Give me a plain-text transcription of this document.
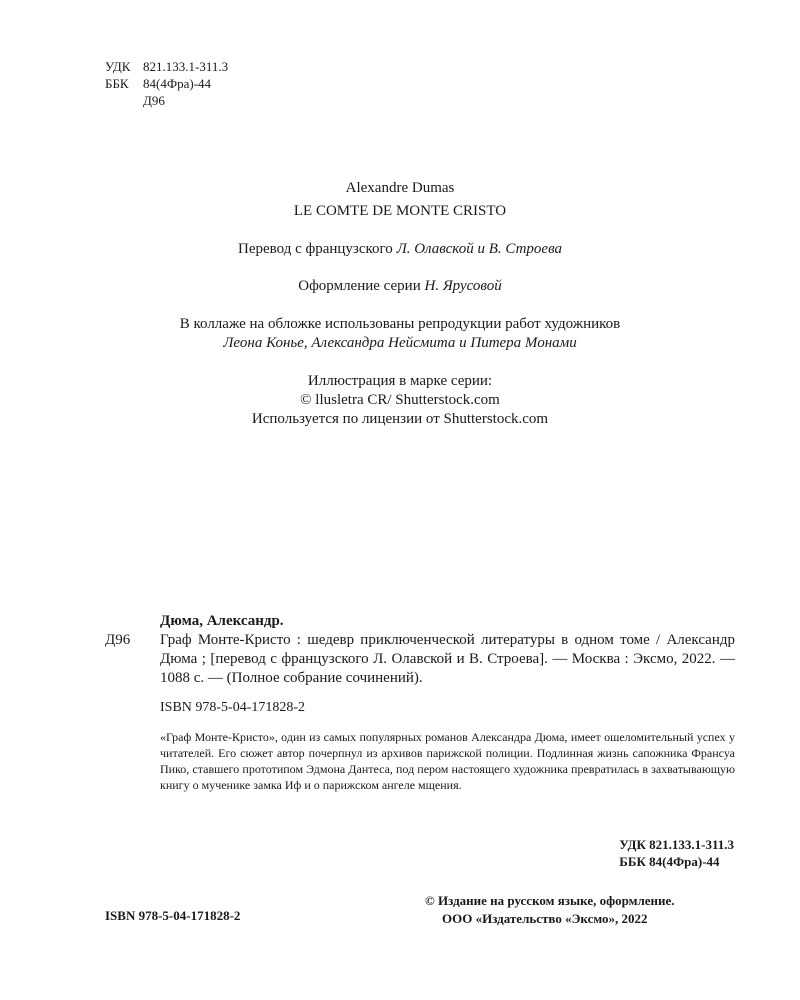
УДК 821.133.1-311.3
ББК 84(4Фра)-44
Д96
Alexandre Dumas
LE COMTE DE MONTE CRISTO
Перевод с французского Л. Олавской и В. Строева
Оформление серии Н. Ярусовой
В коллаже на обложке использованы репродукции работ художников
Леона Конье, Александра Нейсмита и Питера Монами
Иллюстрация в марке серии:
© llusletra CR/ Shutterstock.com
Используется по лицензии от Shutterstock.com
Дюма, Александр.
Д96 Граф Монте-Кристо : шедевр приключенческой литературы в одном томе / Александр Дюма ; [перевод с французского Л. Олавской и В. Строева]. — Москва : Эксмо, 2022. — 1088 с. — (Полное собрание сочинений).
ISBN 978-5-04-171828-2
«Граф Монте-Кристо», один из самых популярных романов Александра Дюма, имеет ошеломительный успех у читателей. Его сюжет автор почерпнул из архивов парижской полиции. Подлинная жизнь сапожника Франсуа Пико, ставшего прототипом Эдмона Дантеса, под пером настоящего художника превратилась в захватывающую книгу о мученике замка Иф и о парижском ангеле мщения.
УДК 821.133.1-311.3
ББК 84(4Фра)-44
ISBN 978-5-04-171828-2
© Издание на русском языке, оформление.
ООО «Издательство «Эксмо», 2022
